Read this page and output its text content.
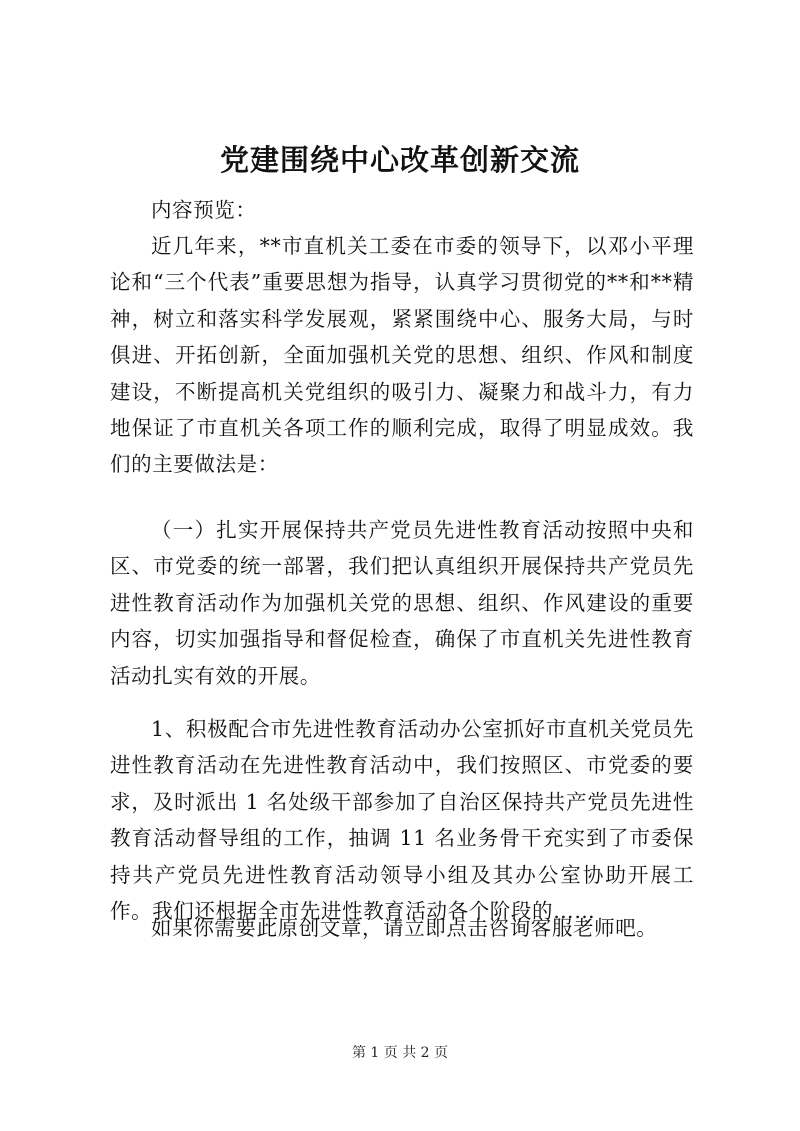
党建围绕中心改革创新交流

内容预览：

近几年来，**市直机关工委在市委的领导下，以邓小平理论和“三个代表”重要思想为指导，认真学习贯彻党的**和**精神，树立和落实科学发展观，紧紧围绕中心、服务大局，与时俱进、开拓创新，全面加强机关党的思想、组织、作风和制度建设，不断提高机关党组织的吸引力、凝聚力和战斗力，有力地保证了市直机关各项工作的顺利完成，取得了明显成效。我们的主要做法是：

（一）扎实开展保持共产党员先进性教育活动按照中央和区、市党委的统一部署，我们把认真组织开展保持共产党员先进性教育活动作为加强机关党的思想、组织、作风建设的重要内容，切实加强指导和督促检查，确保了市直机关先进性教育活动扎实有效的开展。

1、积极配合市先进性教育活动办公室抓好市直机关党员先进性教育活动在先进性教育活动中，我们按照区、市党委的要求，及时派出 1 名处级干部参加了自治区保持共产党员先进性教育活动督导组的工作，抽调 11 名业务骨干充实到了市委保持共产党员先进性教育活动领导小组及其办公室协助开展工作。我们还根据全市先进性教育活动各个阶段的……

如果你需要此原创文章，请立即点击咨询客服老师吧。

第 1 页 共 2 页
